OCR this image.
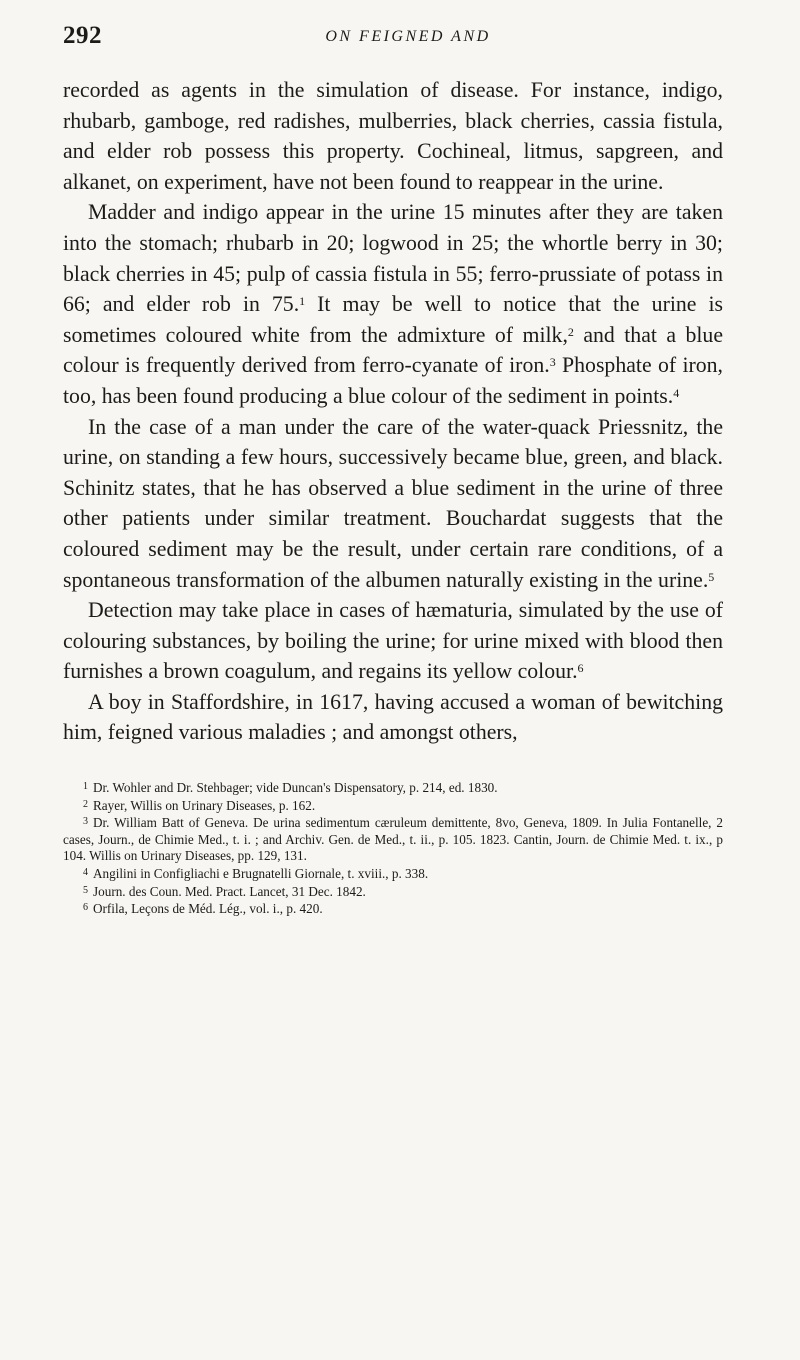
292	ON FEIGNED AND

recorded as agents in the simulation of disease. For instance, indigo, rhubarb, gamboge, red radishes, mulberries, black cherries, cassia fistula, and elder rob possess this property. Cochineal, litmus, sapgreen, and alkanet, on experiment, have not been found to reappear in the urine.

Madder and indigo appear in the urine 15 minutes after they are taken into the stomach; rhubarb in 20; logwood in 25; the whortle berry in 30; black cherries in 45; pulp of cassia fistula in 55; ferro-prussiate of potass in 66; and elder rob in 75.$^1$ It may be well to notice that the urine is sometimes coloured white from the admixture of milk,$^2$ and that a blue colour is frequently derived from ferro-cyanate of iron.$^3$ Phosphate of iron, too, has been found producing a blue colour of the sediment in points.$^4$

In the case of a man under the care of the water-quack Priessnitz, the urine, on standing a few hours, successively became blue, green, and black. Schinitz states, that he has observed a blue sediment in the urine of three other patients under similar treatment. Bouchardat suggests that the coloured sediment may be the result, under certain rare conditions, of a spontaneous transformation of the albumen naturally existing in the urine.$^5$

Detection may take place in cases of hæmaturia, simulated by the use of colouring substances, by boiling the urine; for urine mixed with blood then furnishes a brown coagulum, and regains its yellow colour.$^6$

A boy in Staffordshire, in 1617, having accused a woman of bewitching him, feigned various maladies ; and amongst others,

$^1$ Dr. Wohler and Dr. Stehbager; vide Duncan's Dispensatory, p. 214, ed. 1830.

$^2$ Rayer, Willis on Urinary Diseases, p. 162.

$^3$ Dr. William Batt of Geneva. De urina sedimentum cæruleum demittente, 8vo, Geneva, 1809. In Julia Fontanelle, 2 cases, Journ., de Chimie Med., t. i. ; and Archiv. Gen. de Med., t. ii., p. 105. 1823. Cantin, Journ. de Chimie Med. t. ix., p 104. Willis on Urinary Diseases, pp. 129, 131.

$^4$ Angilini in Configliachi e Brugnatelli Giornale, t. xviii., p. 338.

$^5$ Journ. des Coun. Med. Pract. Lancet, 31 Dec. 1842.

$^6$ Orfila, Leçons de Méd. Lég., vol. i., p. 420.
